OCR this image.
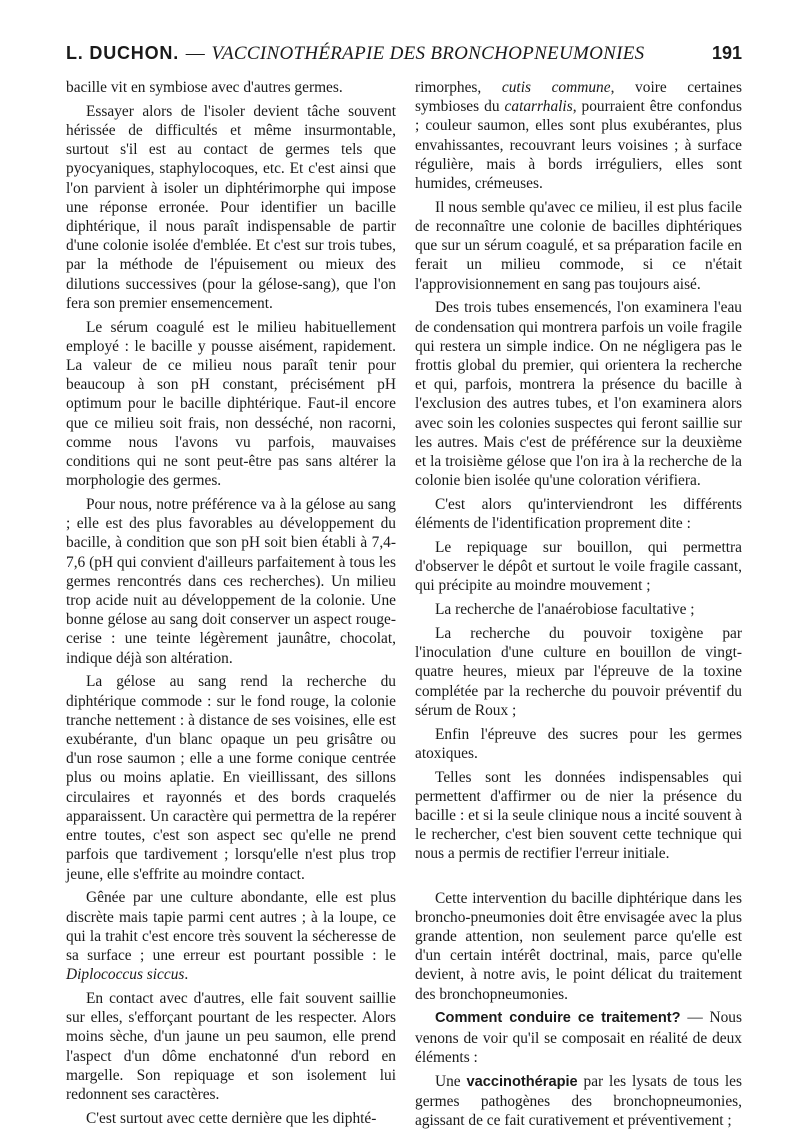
L. DUCHON. — VACCINOTHÉRAPIE DES BRONCHOPNEUMONIES	191

bacille vit en symbiose avec d'autres germes.

Essayer alors de l'isoler devient tâche souvent hérissée de difficultés et même insurmontable, surtout s'il est au contact de germes tels que pyocyaniques, staphylocoques, etc. Et c'est ainsi que l'on parvient à isoler un diphtérimorphe qui impose une réponse erronée. Pour identifier un bacille diphtérique, il nous paraît indispensable de partir d'une colonie isolée d'emblée. Et c'est sur trois tubes, par la méthode de l'épuisement ou mieux des dilutions successives (pour la gélose-sang), que l'on fera son premier ensemencement.

Le sérum coagulé est le milieu habituellement employé : le bacille y pousse aisément, rapidement. La valeur de ce milieu nous paraît tenir pour beaucoup à son pH constant, précisément pH optimum pour le bacille diphtérique. Faut-il encore que ce milieu soit frais, non desséché, non racorni, comme nous l'avons vu parfois, mauvaises conditions qui ne sont peut-être pas sans altérer la morphologie des germes.

Pour nous, notre préférence va à la gélose au sang ; elle est des plus favorables au développement du bacille, à condition que son pH soit bien établi à 7,4-7,6 (pH qui convient d'ailleurs parfaitement à tous les germes rencontrés dans ces recherches). Un milieu trop acide nuit au développement de la colonie. Une bonne gélose au sang doit conserver un aspect rouge-cerise : une teinte légèrement jaunâtre, chocolat, indique déjà son altération.

La gélose au sang rend la recherche du diphtérique commode : sur le fond rouge, la colonie tranche nettement : à distance de ses voisines, elle est exubérante, d'un blanc opaque un peu grisâtre ou d'un rose saumon ; elle a une forme conique centrée plus ou moins aplatie. En vieillissant, des sillons circulaires et rayonnés et des bords craquelés apparaissent. Un caractère qui permettra de la repérer entre toutes, c'est son aspect sec qu'elle ne prend parfois que tardivement ; lorsqu'elle n'est plus trop jeune, elle s'effrite au moindre contact.

Gênée par une culture abondante, elle est plus discrète mais tapie parmi cent autres ; à la loupe, ce qui la trahit c'est encore très souvent la sécheresse de sa surface ; une erreur est pourtant possible : le Diplococcus siccus.

En contact avec d'autres, elle fait souvent saillie sur elles, s'efforçant pourtant de les respecter. Alors moins sèche, d'un jaune un peu saumon, elle prend l'aspect d'un dôme enchatonné d'un rebord en margelle. Son repiquage et son isolement lui redonnent ses caractères.

C'est surtout avec cette dernière que les diphté-

rimorphes, cutis commune, voire certaines symbioses du catarrhalis, pourraient être confondus ; couleur saumon, elles sont plus exubérantes, plus envahissantes, recouvrant leurs voisines ; à surface régulière, mais à bords irréguliers, elles sont humides, crémeuses.

Il nous semble qu'avec ce milieu, il est plus facile de reconnaître une colonie de bacilles diphtériques que sur un sérum coagulé, et sa préparation facile en ferait un milieu commode, si ce n'était l'approvisionnement en sang pas toujours aisé.

Des trois tubes ensemencés, l'on examinera l'eau de condensation qui montrera parfois un voile fragile qui restera un simple indice. On ne négligera pas le frottis global du premier, qui orientera la recherche et qui, parfois, montrera la présence du bacille à l'exclusion des autres tubes, et l'on examinera alors avec soin les colonies suspectes qui feront saillie sur les autres. Mais c'est de préférence sur la deuxième et la troisième gélose que l'on ira à la recherche de la colonie bien isolée qu'une coloration vérifiera.

C'est alors qu'interviendront les différents éléments de l'identification proprement dite :

Le repiquage sur bouillon, qui permettra d'observer le dépôt et surtout le voile fragile cassant, qui précipite au moindre mouvement ;

La recherche de l'anaérobiose facultative ;

La recherche du pouvoir toxigène par l'inoculation d'une culture en bouillon de vingt-quatre heures, mieux par l'épreuve de la toxine complétée par la recherche du pouvoir préventif du sérum de Roux ;

Enfin l'épreuve des sucres pour les germes atoxiques.

Telles sont les données indispensables qui permettent d'affirmer ou de nier la présence du bacille : et si la seule clinique nous a incité souvent à le rechercher, c'est bien souvent cette technique qui nous a permis de rectifier l'erreur initiale.

Cette intervention du bacille diphtérique dans les broncho-pneumonies doit être envisagée avec la plus grande attention, non seulement parce qu'elle est d'un certain intérêt doctrinal, mais, parce qu'elle devient, à notre avis, le point délicat du traitement des bronchopneumonies.

Comment conduire ce traitement? — Nous venons de voir qu'il se composait en réalité de deux éléments :

Une vaccinothérapie par les lysats de tous les germes pathogènes des bronchopneumonies, agissant de ce fait curativement et préventivement ;
